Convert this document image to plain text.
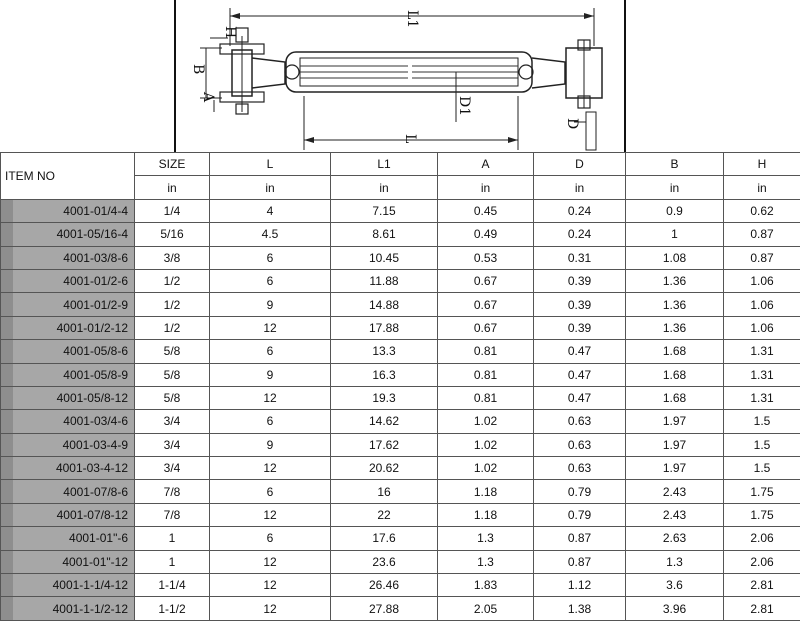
L1
L
D1
H
B
A
D
ITEM NO	SIZE	L	L1	A	D	B	H
	in	in	in	in	in	in	in
4001-01/4-4	1/4	4	7.15	0.45	0.24	0.9	0.62
4001-05/16-4	5/16	4.5	8.61	0.49	0.24	1	0.87
4001-03/8-6	3/8	6	10.45	0.53	0.31	1.08	0.87
4001-01/2-6	1/2	6	11.88	0.67	0.39	1.36	1.06
4001-01/2-9	1/2	9	14.88	0.67	0.39	1.36	1.06
4001-01/2-12	1/2	12	17.88	0.67	0.39	1.36	1.06
4001-05/8-6	5/8	6	13.3	0.81	0.47	1.68	1.31
4001-05/8-9	5/8	9	16.3	0.81	0.47	1.68	1.31
4001-05/8-12	5/8	12	19.3	0.81	0.47	1.68	1.31
4001-03/4-6	3/4	6	14.62	1.02	0.63	1.97	1.5
4001-03-4-9	3/4	9	17.62	1.02	0.63	1.97	1.5
4001-03-4-12	3/4	12	20.62	1.02	0.63	1.97	1.5
4001-07/8-6	7/8	6	16	1.18	0.79	2.43	1.75
4001-07/8-12	7/8	12	22	1.18	0.79	2.43	1.75
4001-01"-6	1	6	17.6	1.3	0.87	2.63	2.06
4001-01"-12	1	12	23.6	1.3	0.87	1.3	2.06
4001-1-1/4-12	1-1/4	12	26.46	1.83	1.12	3.6	2.81
4001-1-1/2-12	1-1/2	12	27.88	2.05	1.38	3.96	2.81
